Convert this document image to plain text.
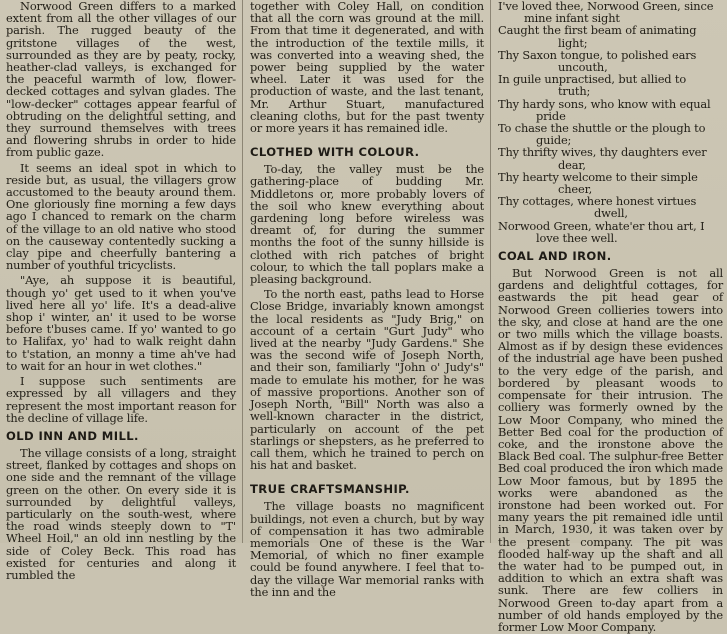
Norwood Green differs to a marked extent from all the other villages of our parish. The rugged beauty of the gritstone villages of the west, surrounded as they are by peaty, rocky, heather-clad valleys, is exchanged for the peaceful warmth of low, flower-decked cottages and sylvan glades. The "low-decker" cottages appear fearful of obtruding on the delightful setting, and they surround themselves with trees and flowering shrubs in order to hide from public gaze.

It seems an ideal spot in which to reside but, as usual, the villagers grow accustomed to the beauty around them. One gloriously fine morning a few days ago I chanced to remark on the charm of the village to an old native who stood on the causeway contentedly sucking a clay pipe and cheerfully bantering a number of youthful tricyclists.

"Aye, ah suppose it is beautiful, though yo' get used to it when you've lived here all yo' life. It's a dead-alive shop i' winter, an' it used to be worse before t'buses came. If yo' wanted to go to Halifax, yo' had to walk reight dahn to t'station, an monny a time ah've had to wait for an hour in wet clothes."

I suppose such sentiments are expressed by all villagers and they represent the most important reason for the decline of village life.

OLD INN AND MILL.

The village consists of a long, straight street, flanked by cottages and shops on one side and the remnant of the village green on the other. On every side it is surrounded by delightful valleys, particularly on the south-west, where the road winds steeply down to "T' Wheel Hoil," an old inn nestling by the side of Coley Beck. This road has existed for centuries and along it rumbled the

together with Coley Hall, on condition that all the corn was ground at the mill. From that time it degenerated, and with the introduction of the textile mills, it was converted into a weaving shed, the power being supplied by the water wheel. Later it was used for the production of waste, and the last tenant, Mr. Arthur Stuart, manufactured cleaning cloths, but for the past twenty or more years it has remained idle.

CLOTHED WITH COLOUR.

To-day, the valley must be the gathering-place of budding Mr. Middletons or, more probably lovers of the soil who knew everything about gardening long before wireless was dreamt of, for during the summer months the foot of the sunny hillside is clothed with rich patches of bright colour, to which the tall poplars make a pleasing background.

To the north east, paths lead to Horse Close Bridge, invariably known amongst the local residents as "Judy Brig," on account of a certain "Gurt Judy" who lived at the nearby "Judy Gardens." She was the second wife of Joseph North, and their son, familiarly "John o' Judy's" made to emulate his mother, for he was of massive proportions. Another son of Joseph North, "Bill" North was also a well-known character in the district, particularly on account of the pet starlings or shepsters, as he preferred to call them, which he trained to perch on his hat and basket.

TRUE CRAFTSMANSHIP.

The village boasts no magnificent buildings, not even a church, but by way of compensation it has two admirable memorials One of these is the War Memorial, of which no finer example could be found anywhere. I feel that to-day the village War memorial ranks with the inn and the

I've loved thee, Norwood Green, since
mine infant sight
Caught the first beam of animating
light;
Thy Saxon tongue, to polished ears
uncouth,
In guile unpractised, but allied to
truth;
Thy hardy sons, who know with equal
pride
To chase the shuttle or the plough to
guide;
Thy thrifty wives, thy daughters ever
dear,
Thy hearty welcome to their simple
cheer,
Thy cottages, where honest virtues
dwell,
Norwood Green, whate'er thou art, I
love thee well.
COAL AND IRON.

But Norwood Green is not all gardens and delightful cottages, for eastwards the pit head gear of Norwood Green collieries towers into the sky, and close at hand are the one or two mills which the village boasts. Almost as if by design these evidences of the industrial age have been pushed to the very edge of the parish, and bordered by pleasant woods to compensate for their intrusion. The colliery was formerly owned by the Low Moor Company, who mined the Better Bed coal for the production of coke, and the ironstone above the Black Bed coal. The sulphur-free Better Bed coal produced the iron which made Low Moor famous, but by 1895 the works were abandoned as the ironstone had been worked out. For many years the pit remained idle until in March, 1930, it was taken over by the present company. The pit was flooded half-way up the shaft and all the water had to be pumped out, in addition to which an extra shaft was sunk. There are few colliers in Norwood Green to-day apart from a number of old hands employed by the former Low Moor Company.
